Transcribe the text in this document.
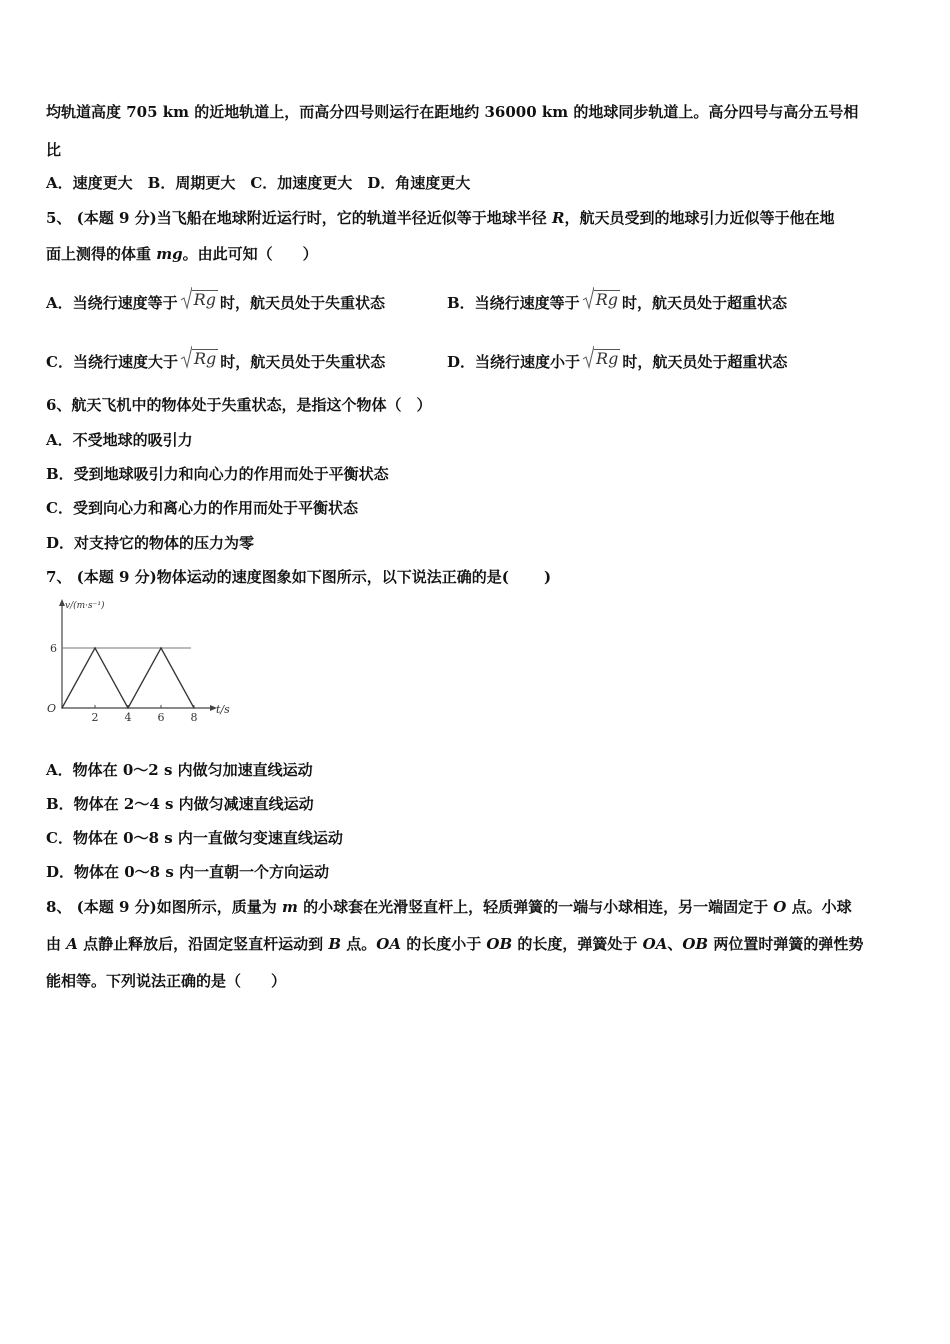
均轨道高度 705 km 的近地轨道上，而高分四号则运行在距地约 36000 km 的地球同步轨道上。高分四号与高分五号相
比
A．速度更大　B．周期更大　C．加速度更大　D．角速度更大
5、 (本题 9 分)当飞船在地球附近运行时，它的轨道半径近似等于地球半径 R，航天员受到的地球引力近似等于他在地
面上测得的体重 mg。由此可知（　　）
A．当绕行速度等于 Rg 时，航天员处于失重状态	B．当绕行速度等于 Rg 时，航天员处于超重状态
C．当绕行速度大于 Rg 时，航天员处于失重状态	D．当绕行速度小于 Rg 时，航天员处于超重状态
6、航天飞机中的物体处于失重状态，是指这个物体（　）
A．不受地球的吸引力
B．受到地球吸引力和向心力的作用而处于平衡状态
C．受到向心力和离心力的作用而处于平衡状态
D．对支持它的物体的压力为零
7、 (本题 9 分)物体运动的速度图象如下图所示，以下说法正确的是(　　 )
2 4 6 8
6
O
v/(m·s⁻¹)
t/s
A．物体在 0～2 s 内做匀加速直线运动
B．物体在 2～4 s 内做匀减速直线运动
C．物体在 0～8 s 内一直做匀变速直线运动
D．物体在 0～8 s 内一直朝一个方向运动
8、 (本题 9 分)如图所示，质量为 m 的小球套在光滑竖直杆上，轻质弹簧的一端与小球相连，另一端固定于 O 点。小球
由 A 点静止释放后，沿固定竖直杆运动到 B 点。OA 的长度小于 OB 的长度，弹簧处于 OA、OB 两位置时弹簧的弹性势
能相等。下列说法正确的是（　　）
